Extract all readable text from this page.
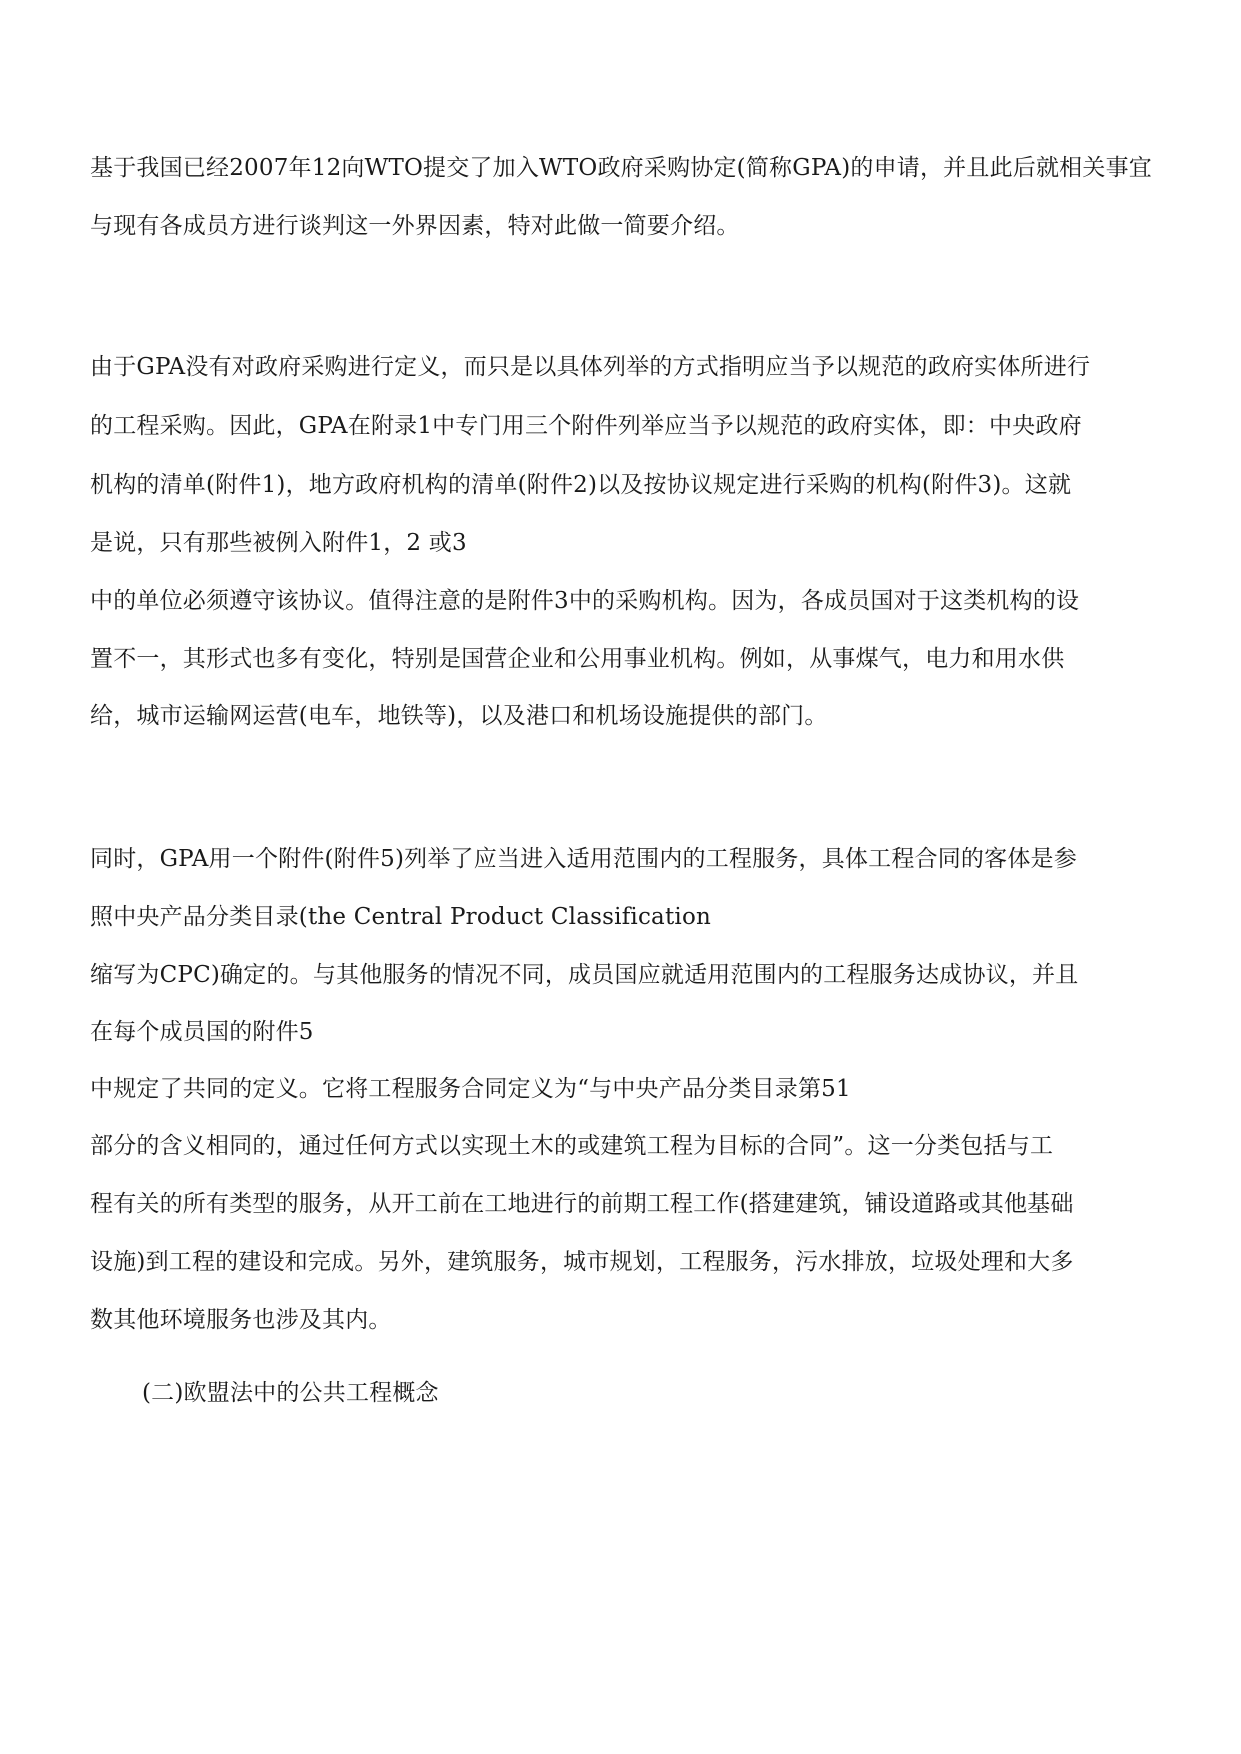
基于我国已经2007年12向WTO提交了加入WTO政府采购协定(简称GPA)的申请，并且此后就相关事宜
与现有各成员方进行谈判这一外界因素，特对此做一简要介绍。
由于GPA没有对政府采购进行定义，而只是以具体列举的方式指明应当予以规范的政府实体所进行
的工程采购。因此，GPA在附录1中专门用三个附件列举应当予以规范的政府实体，即：中央政府
机构的清单(附件1)，地方政府机构的清单(附件2)以及按协议规定进行采购的机构(附件3)。这就
是说，只有那些被例入附件1，2 或3
中的单位必须遵守该协议。值得注意的是附件3中的采购机构。因为，各成员国对于这类机构的设
置不一，其形式也多有变化，特别是国营企业和公用事业机构。例如，从事煤气，电力和用水供
给，城市运输网运营(电车，地铁等)，以及港口和机场设施提供的部门。
同时，GPA用一个附件(附件5)列举了应当进入适用范围内的工程服务，具体工程合同的客体是参
照中央产品分类目录(the Central Product Classification
缩写为CPC)确定的。与其他服务的情况不同，成员国应就适用范围内的工程服务达成协议，并且
在每个成员国的附件5
中规定了共同的定义。它将工程服务合同定义为“与中央产品分类目录第51
部分的含义相同的，通过任何方式以实现土木的或建筑工程为目标的合同”。这一分类包括与工
程有关的所有类型的服务，从开工前在工地进行的前期工程工作(搭建建筑，铺设道路或其他基础
设施)到工程的建设和完成。另外，建筑服务，城市规划，工程服务，污水排放，垃圾处理和大多
数其他环境服务也涉及其内。
(二)欧盟法中的公共工程概念
